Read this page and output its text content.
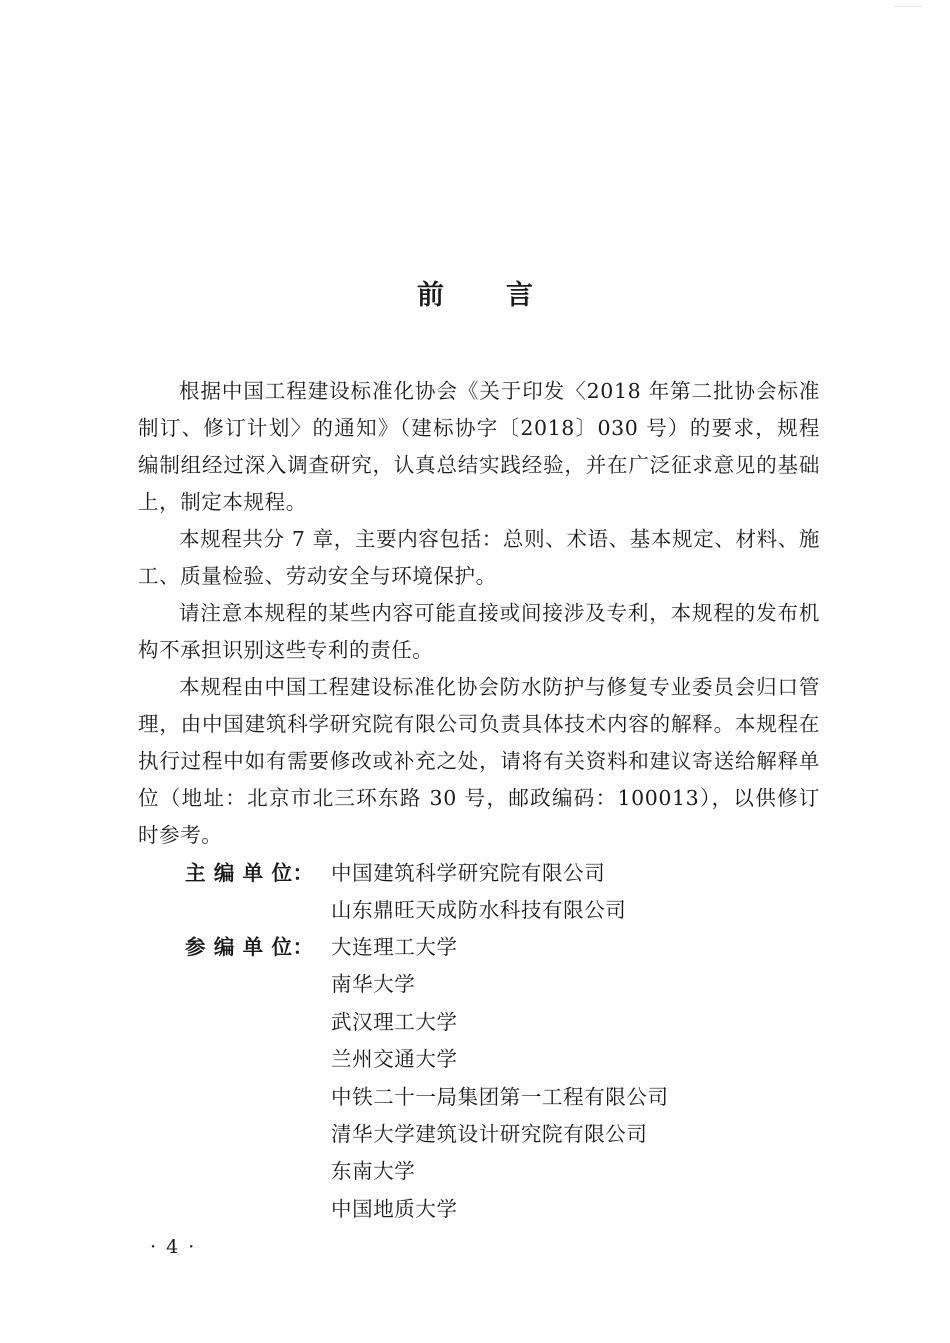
前言

根据中国工程建设标准化协会《关于印发〈2018 年第二批协会标准制订、修订计划〉的通知》（建标协字〔2018〕030 号）的要求，规程编制组经过深入调查研究，认真总结实践经验，并在广泛征求意见的基础上，制定本规程。

本规程共分 7 章，主要内容包括：总则、术语、基本规定、材料、施工、质量检验、劳动安全与环境保护。

请注意本规程的某些内容可能直接或间接涉及专利，本规程的发布机构不承担识别这些专利的责任。

本规程由中国工程建设标准化协会防水防护与修复专业委员会归口管理，由中国建筑科学研究院有限公司负责具体技术内容的解释。本规程在执行过程中如有需要修改或补充之处，请将有关资料和建议寄送给解释单位（地址：北京市北三环东路 30 号，邮政编码：100013），以供修订时参考。

主 编 单 位： 中国建筑科学研究院有限公司
山东鼎旺天成防水科技有限公司
参 编 单 位： 大连理工大学
南华大学
武汉理工大学
兰州交通大学
中铁二十一局集团第一工程有限公司
清华大学建筑设计研究院有限公司
东南大学
中国地质大学
· 4 ·
